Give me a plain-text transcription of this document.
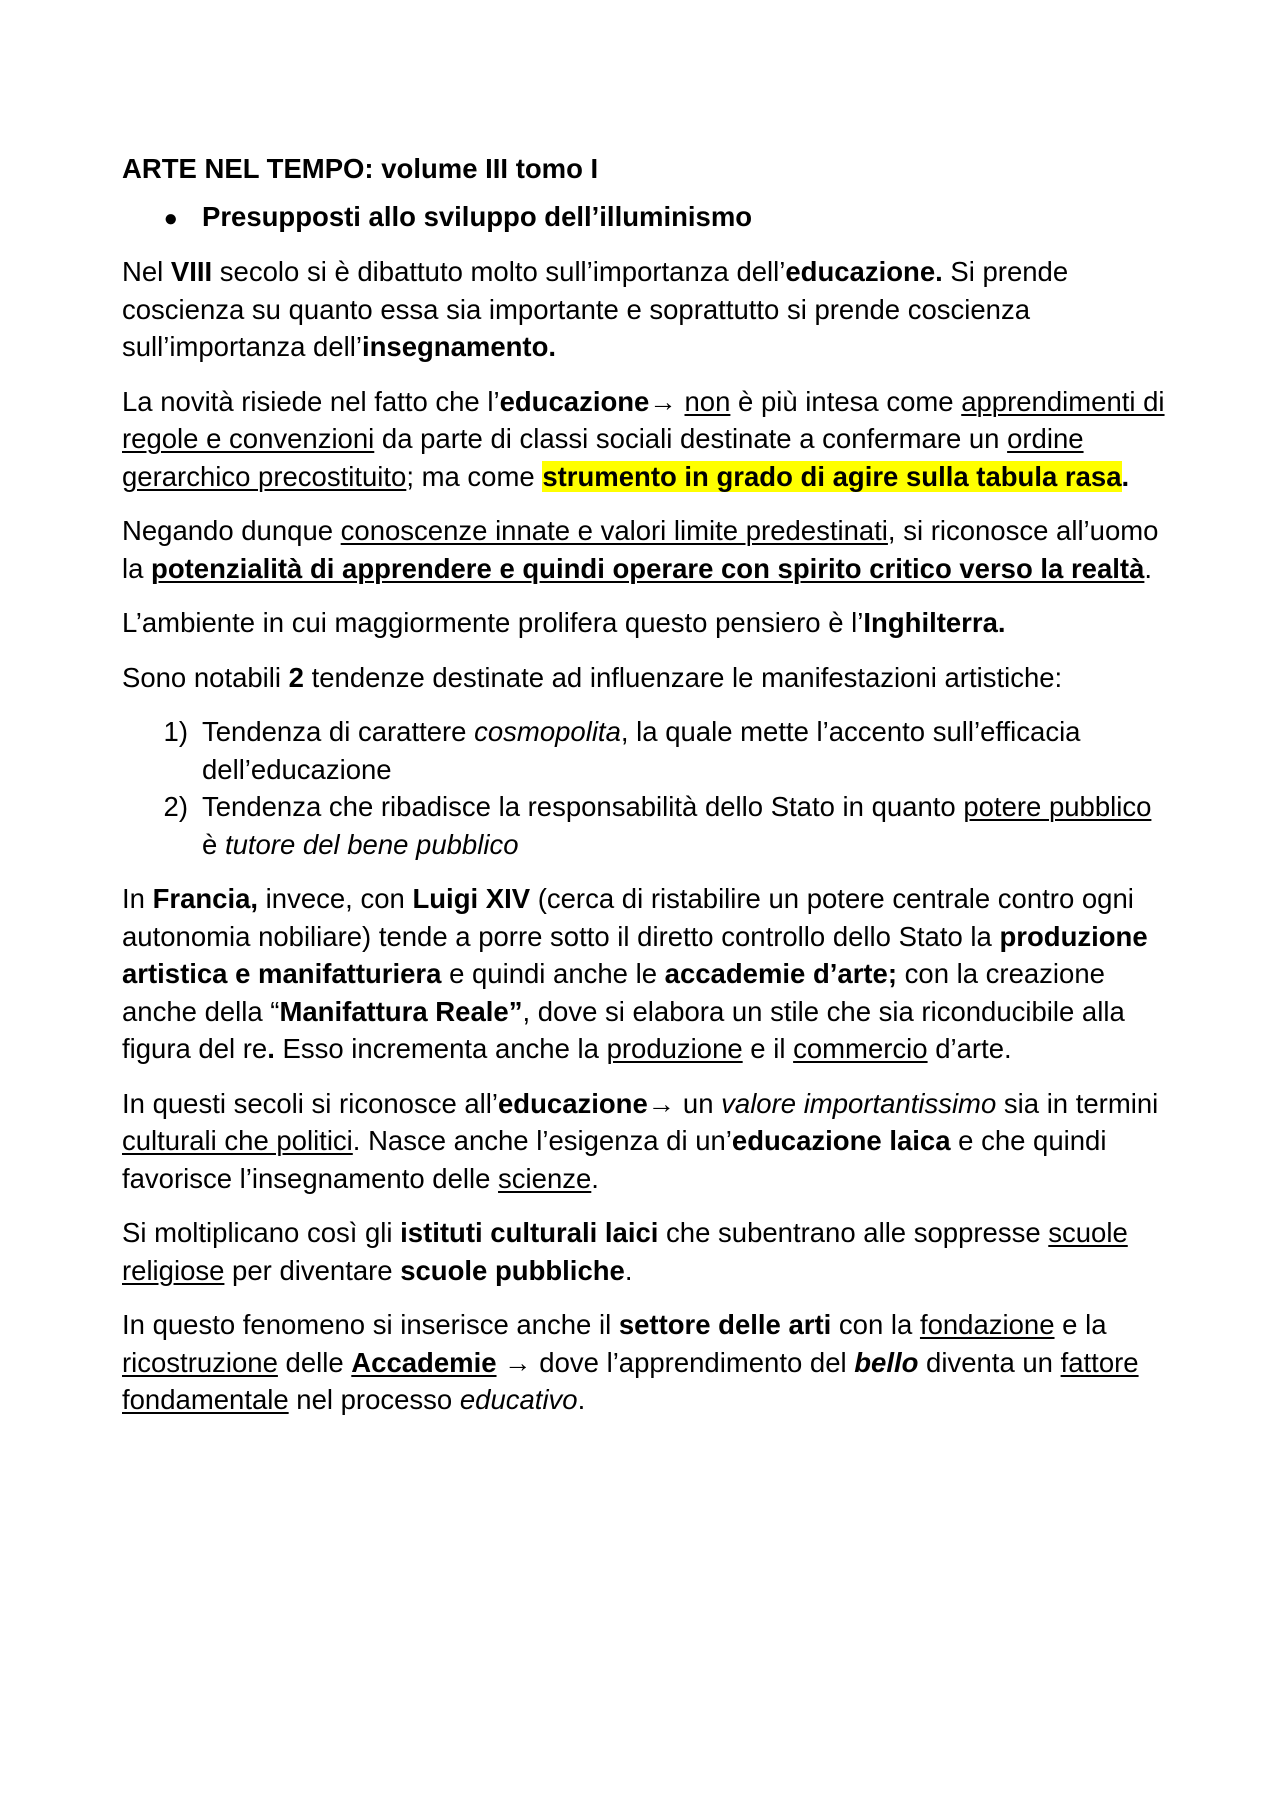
ARTE NEL TEMPO: volume III tomo I
● Presupposti allo sviluppo dell’illuminismo

Nel VIII secolo si è dibattuto molto sull’importanza dell’educazione. Si prende coscienza su quanto essa sia importante e soprattutto si prende coscienza sull’importanza dell’insegnamento.

La novità risiede nel fatto che l’educazione→ non è più intesa come apprendimenti di regole e convenzioni da parte di classi sociali destinate a confermare un ordine gerarchico precostituito; ma come strumento in grado di agire sulla tabula rasa.

Negando dunque conoscenze innate e valori limite predestinati, si riconosce all’uomo la potenzialità di apprendere e quindi operare con spirito critico verso la realtà.

L’ambiente in cui maggiormente prolifera questo pensiero è l’Inghilterra.

Sono notabili 2 tendenze destinate ad influenzare le manifestazioni artistiche:

1) Tendenza di carattere cosmopolita, la quale mette l’accento sull’efficacia dell’educazione
2) Tendenza che ribadisce la responsabilità dello Stato in quanto potere pubblico è tutore del bene pubblico

In Francia, invece, con Luigi XIV (cerca di ristabilire un potere centrale contro ogni autonomia nobiliare) tende a porre sotto il diretto controllo dello Stato la produzione artistica e manifatturiera e quindi anche le accademie d’arte; con la creazione anche della “Manifattura Reale”, dove si elabora un stile che sia riconducibile alla figura del re. Esso incrementa anche la produzione e il commercio d’arte.

In questi secoli si riconosce all’educazione→ un valore importantissimo sia in termini culturali che politici. Nasce anche l’esigenza di un’educazione laica e che quindi favorisce l’insegnamento delle scienze.

Si moltiplicano così gli istituti culturali laici che subentrano alle soppresse scuole religiose per diventare scuole pubbliche.

In questo fenomeno si inserisce anche il settore delle arti con la fondazione e la ricostruzione delle Accademie → dove l’apprendimento del bello diventa un fattore fondamentale nel processo educativo.
